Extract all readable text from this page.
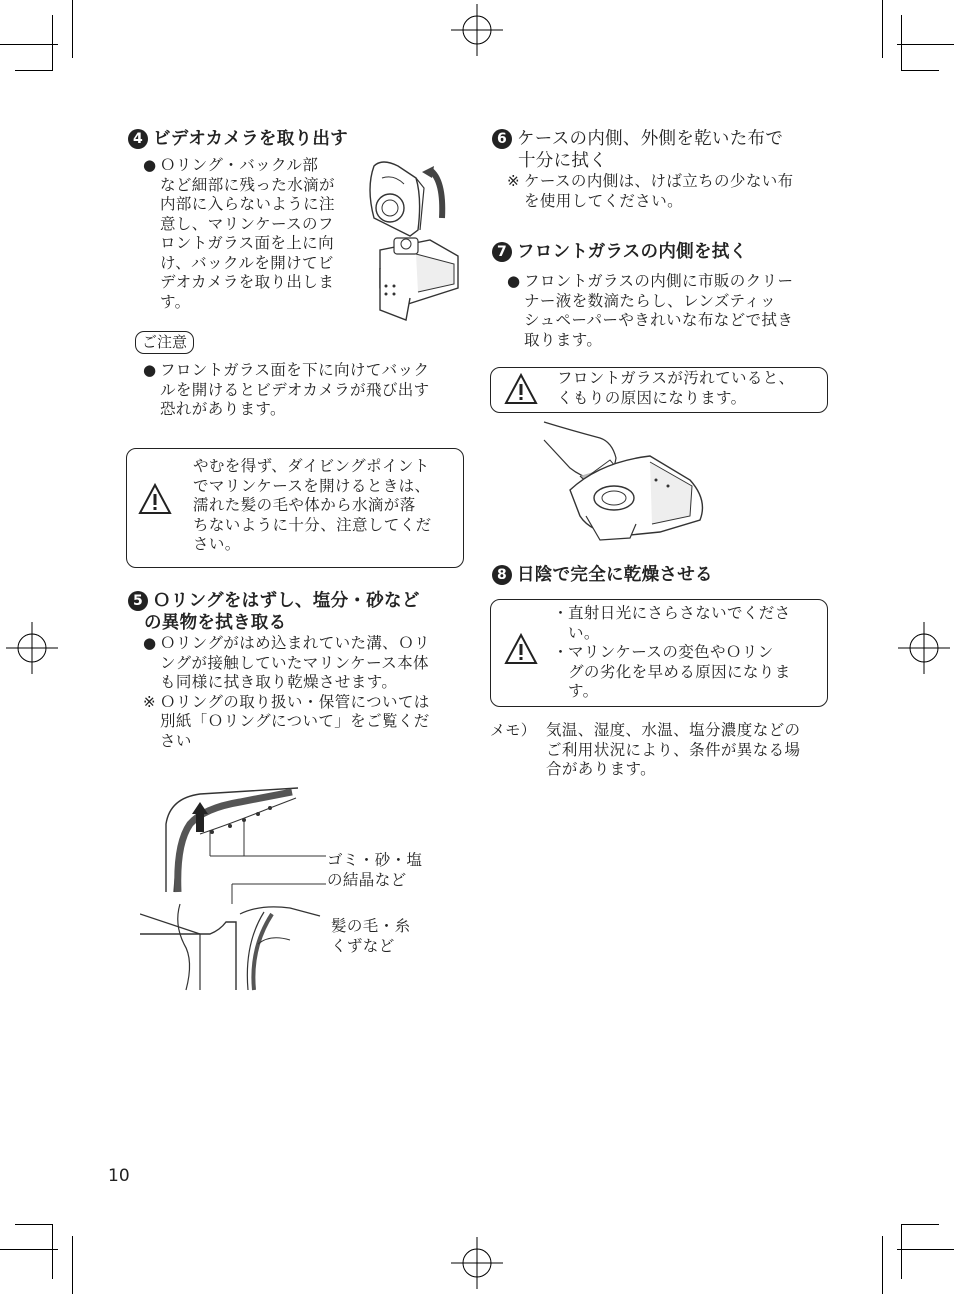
4 ビデオカメラを取り出す
● Ｏリング・バックル部
など細部に残った水滴が
内部に入らないように注
意し、マリンケースのフ
ロントガラス面を上に向
け、バックルを開けてビ
デオカメラを取り出しま
す。
ご注意
● フロントガラス面を下に向けてバック
ルを開けるとビデオカメラが飛び出す
恐れがあります。
やむを得ず、ダイビングポイント
でマリンケースを開けるときは、
濡れた髪の毛や体から水滴が落
ちないように十分、注意してくだ
さい。
5 Ｏリングをはずし、塩分・砂など
の異物を拭き取る
● Ｏリングがはめ込まれていた溝、Ｏリ
ングが接触していたマリンケース本体
も同様に拭き取り乾燥させます。
※ Ｏリングの取り扱い・保管については
別紙「Ｏリングについて」をご覧くだ
さい
ゴミ・砂・塩
の結晶など
髪の毛・糸
くずなど
10
6 ケースの内側、外側を乾いた布で
十分に拭く
※ ケースの内側は、けば立ちの少ない布
を使用してください。
7 フロントガラスの内側を拭く
● フロントガラスの内側に市販のクリー
ナー液を数滴たらし、レンズティッ
シュペーパーやきれいな布などで拭き
取ります。
フロントガラスが汚れていると、
くもりの原因になります。
8 日陰で完全に乾燥させる
・ 直射日光にさらさないでくださ
い。
・ マリンケースの変色やＯリン
グの劣化を早める原因になりま
す。
メモ） 気温、湿度、水温、塩分濃度などの
ご利用状況により、条件が異なる場
合があります。
